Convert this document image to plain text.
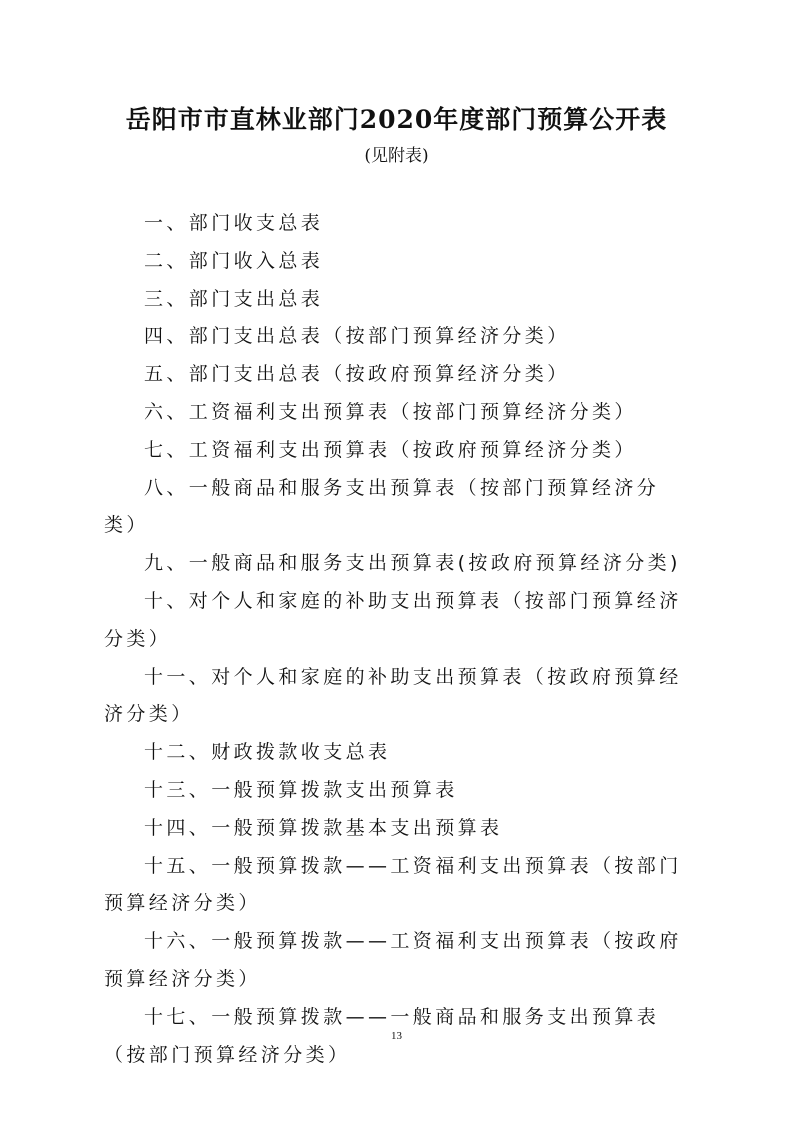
岳阳市市直林业部门2020年度部门预算公开表
(见附表)
一、部门收支总表
二、部门收入总表
三、部门支出总表
四、部门支出总表（按部门预算经济分类）
五、部门支出总表（按政府预算经济分类）
六、工资福利支出预算表（按部门预算经济分类）
七、工资福利支出预算表（按政府预算经济分类）
八、一般商品和服务支出预算表（按部门预算经济分类）
九、一般商品和服务支出预算表(按政府预算经济分类)
十、对个人和家庭的补助支出预算表（按部门预算经济分类）
十一、对个人和家庭的补助支出预算表（按政府预算经济分类）
十二、财政拨款收支总表
十三、一般预算拨款支出预算表
十四、一般预算拨款基本支出预算表
十五、一般预算拨款——工资福利支出预算表（按部门预算经济分类）
十六、一般预算拨款——工资福利支出预算表（按政府预算经济分类）
十七、一般预算拨款——一般商品和服务支出预算表（按部门预算经济分类）
13
